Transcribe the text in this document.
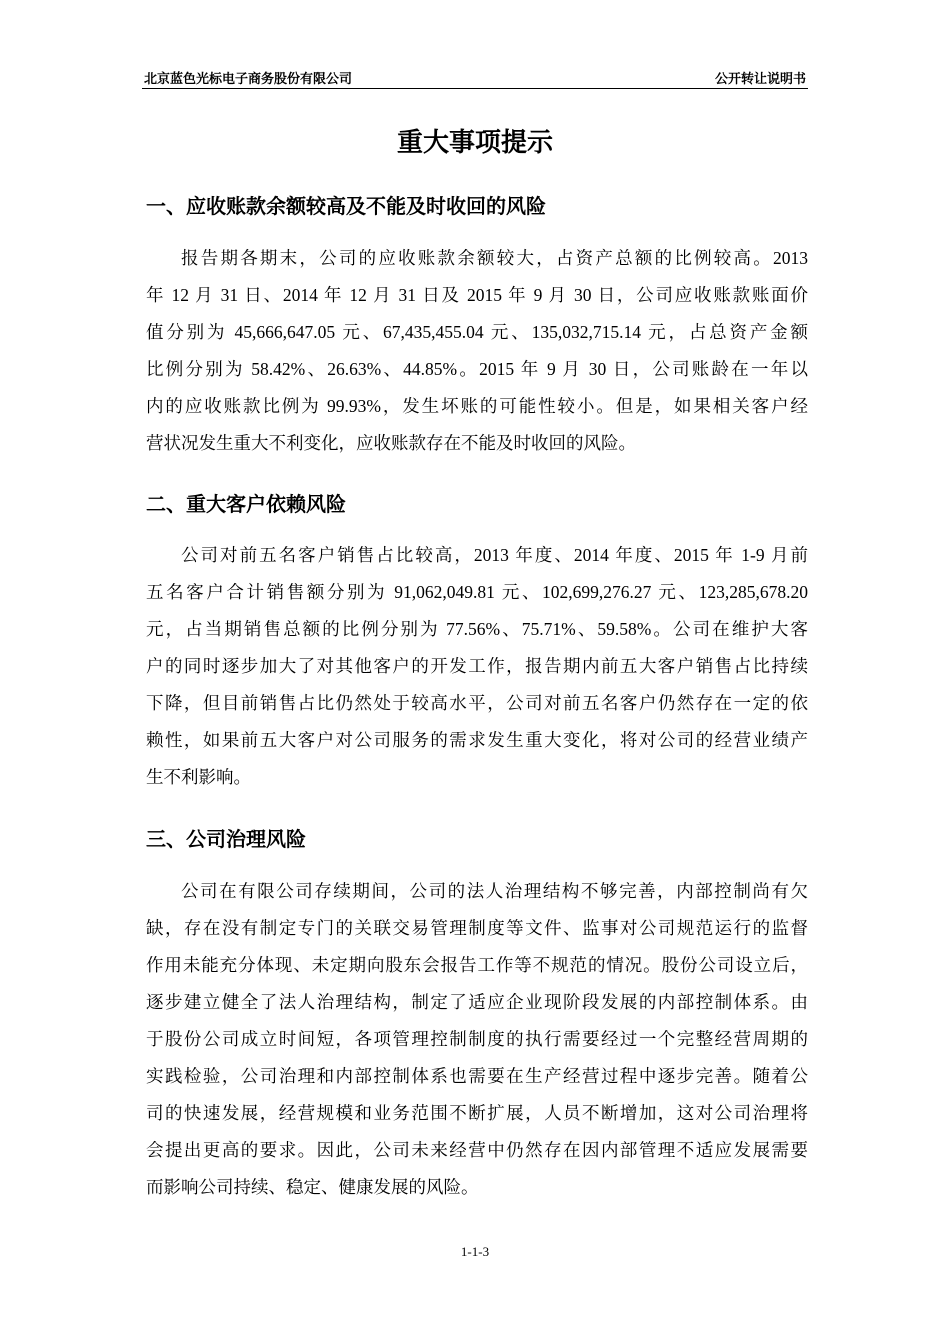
北京蓝色光标电子商务股份有限公司	公开转让说明书
重大事项提示
一、应收账款余额较高及不能及时收回的风险
报告期各期末，公司的应收账款余额较大，占资产总额的比例较高。2013
年 12 月 31 日、2014 年 12 月 31 日及 2015 年 9 月 30 日，公司应收账款账面价
值分别为 45,666,647.05 元、67,435,455.04 元、135,032,715.14 元，占总资产金额
比例分别为 58.42%、26.63%、44.85%。2015 年 9 月 30 日，公司账龄在一年以
内的应收账款比例为 99.93%，发生坏账的可能性较小。但是，如果相关客户经
营状况发生重大不利变化，应收账款存在不能及时收回的风险。
二、重大客户依赖风险
公司对前五名客户销售占比较高，2013 年度、2014 年度、2015 年 1-9 月前
五名客户合计销售额分别为 91,062,049.81 元、102,699,276.27 元、123,285,678.20
元，占当期销售总额的比例分别为 77.56%、75.71%、59.58%。公司在维护大客
户的同时逐步加大了对其他客户的开发工作，报告期内前五大客户销售占比持续
下降，但目前销售占比仍然处于较高水平，公司对前五名客户仍然存在一定的依
赖性，如果前五大客户对公司服务的需求发生重大变化，将对公司的经营业绩产
生不利影响。
三、公司治理风险
公司在有限公司存续期间，公司的法人治理结构不够完善，内部控制尚有欠
缺，存在没有制定专门的关联交易管理制度等文件、监事对公司规范运行的监督
作用未能充分体现、未定期向股东会报告工作等不规范的情况。股份公司设立后，
逐步建立健全了法人治理结构，制定了适应企业现阶段发展的内部控制体系。由
于股份公司成立时间短，各项管理控制制度的执行需要经过一个完整经营周期的
实践检验，公司治理和内部控制体系也需要在生产经营过程中逐步完善。随着公
司的快速发展，经营规模和业务范围不断扩展，人员不断增加，这对公司治理将
会提出更高的要求。因此，公司未来经营中仍然存在因内部管理不适应发展需要
而影响公司持续、稳定、健康发展的风险。
1-1-3
